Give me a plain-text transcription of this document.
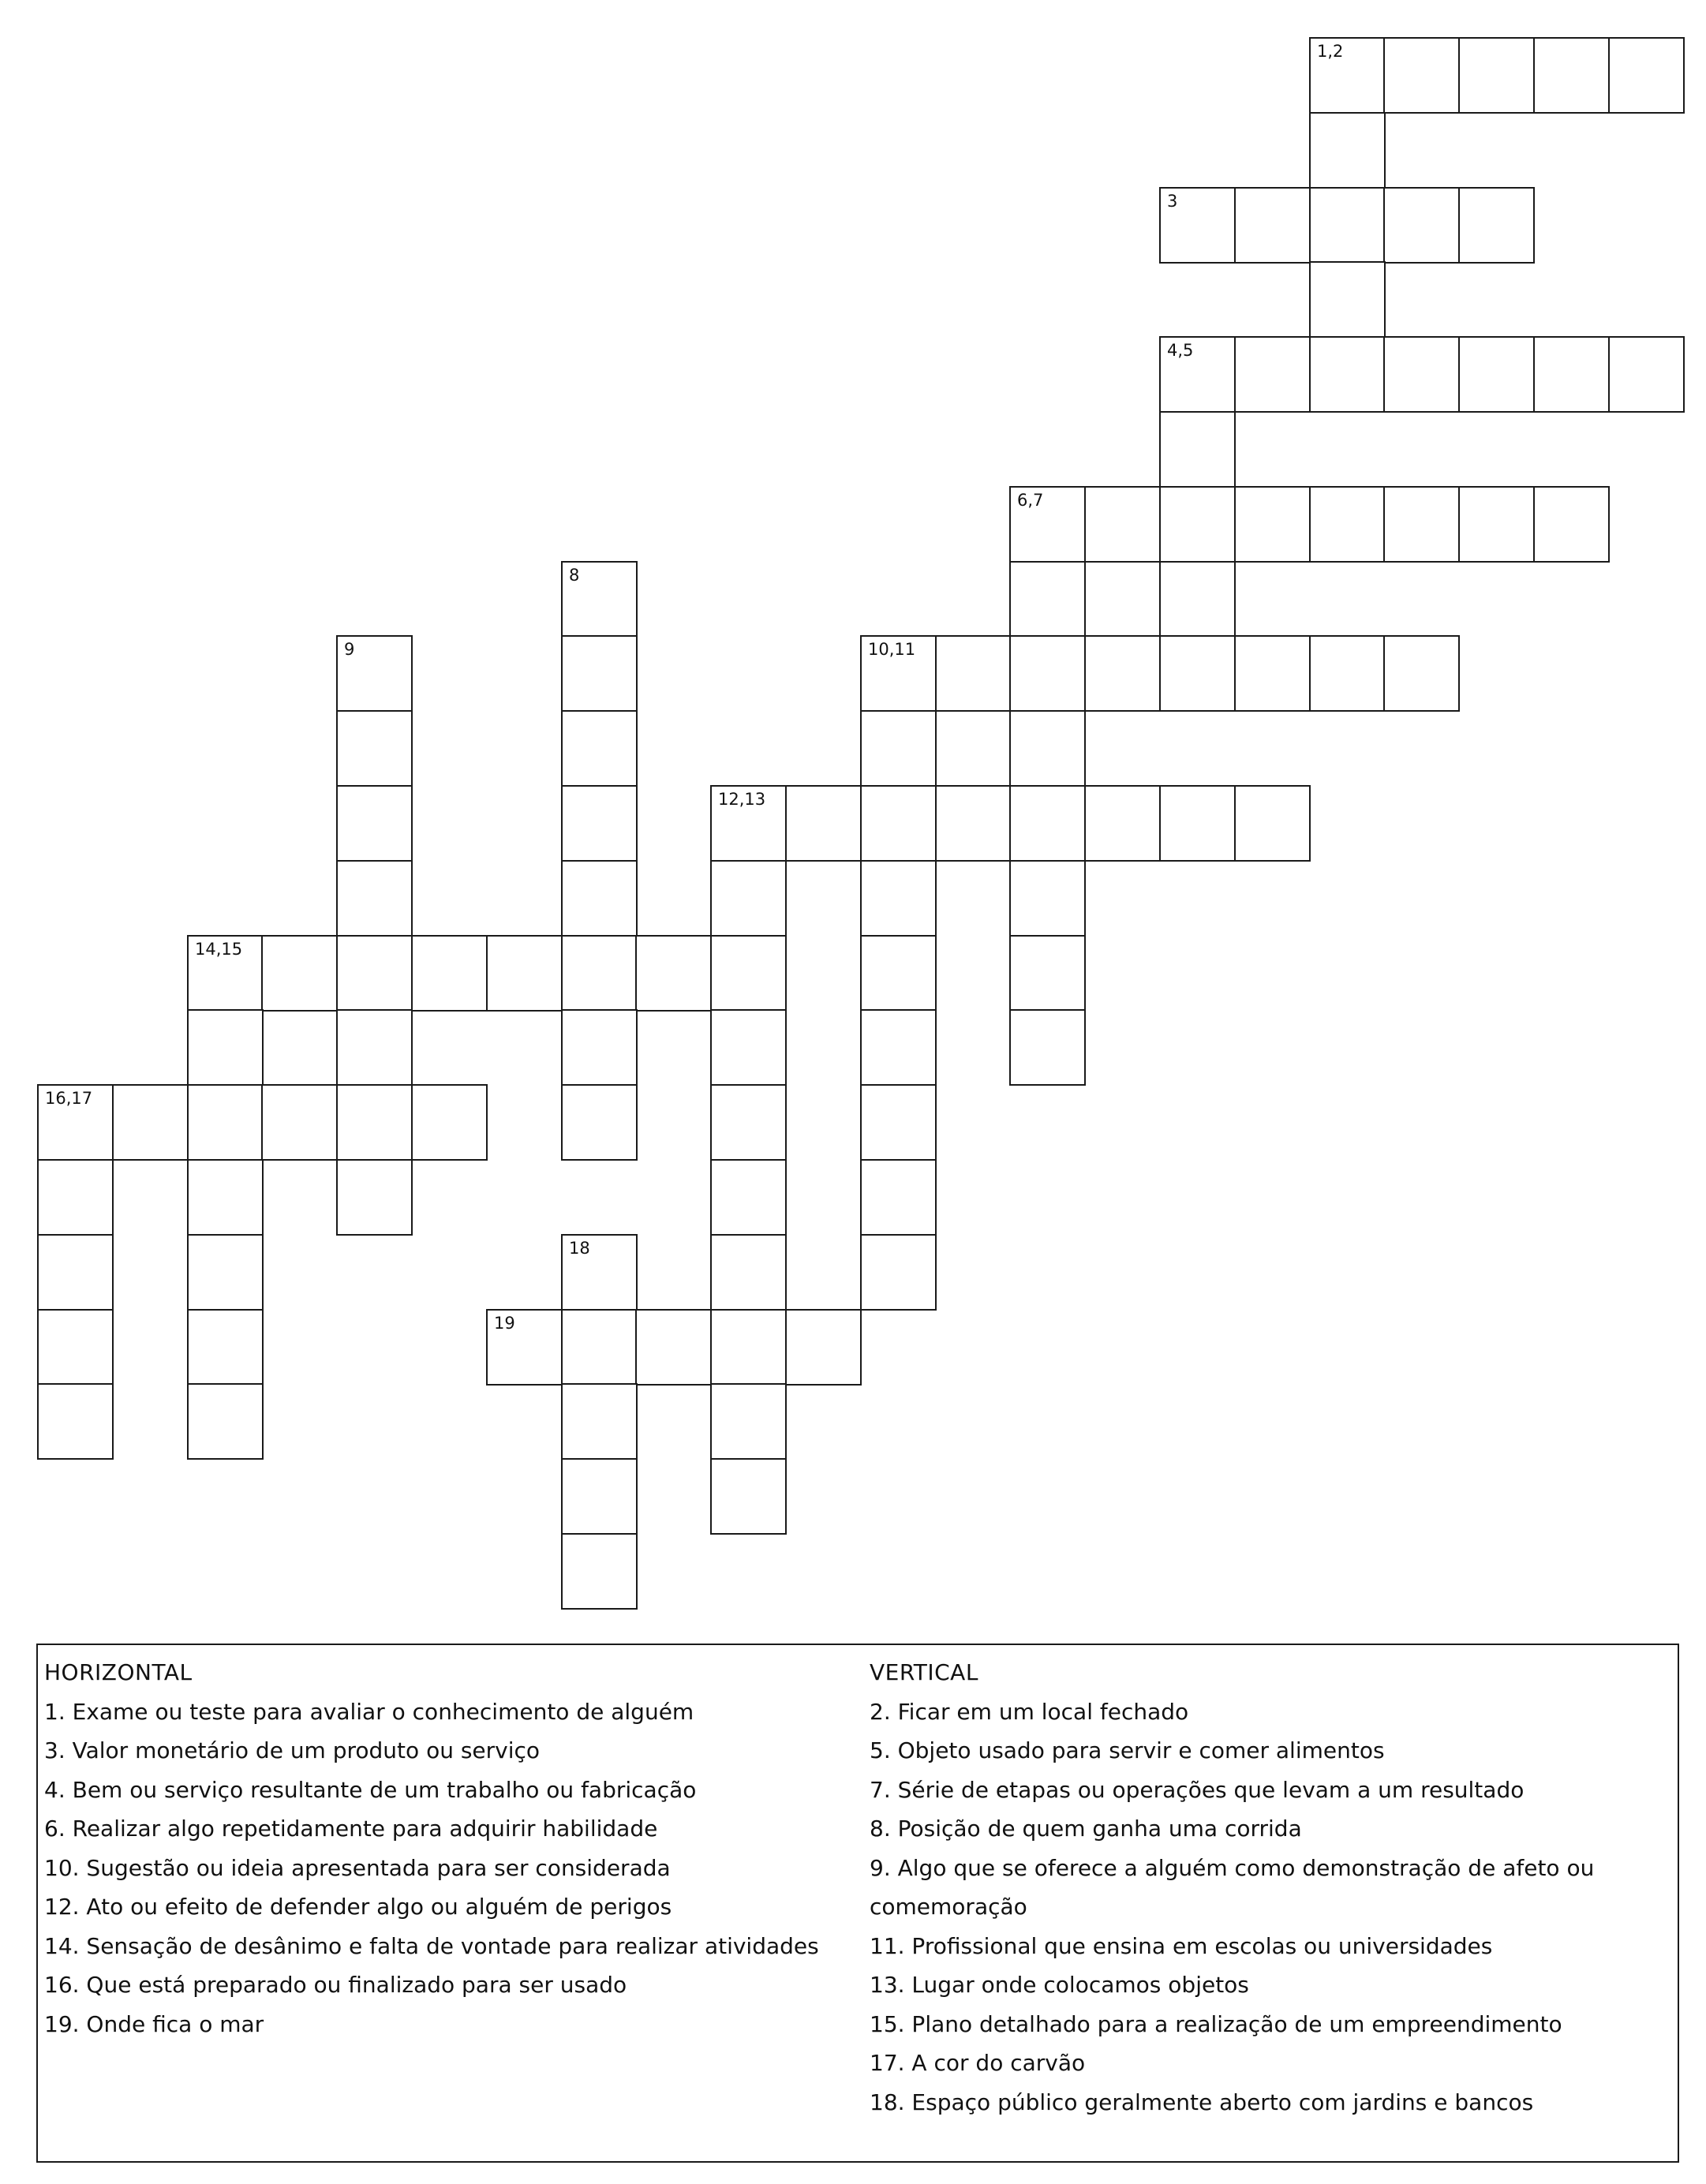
1,2
3
4,5
6,7
8
9	10,11
12,13
14,15
16,17
18
19

HORIZONTAL

1. Exame ou teste para avaliar o conhecimento de alguém

3. Valor monetário de um produto ou serviço

4. Bem ou serviço resultante de um trabalho ou fabricação

6. Realizar algo repetidamente para adquirir habilidade

10. Sugestão ou ideia apresentada para ser considerada

12. Ato ou efeito de defender algo ou alguém de perigos

14. Sensação de desânimo e falta de vontade para realizar atividades

16. Que está preparado ou finalizado para ser usado

19. Onde fica o mar

VERTICAL

2. Ficar em um local fechado

5. Objeto usado para servir e comer alimentos

7. Série de etapas ou operações que levam a um resultado

8. Posição de quem ganha uma corrida

9. Algo que se oferece a alguém como demonstração de afeto ou comemoração

11. Profissional que ensina em escolas ou universidades

13. Lugar onde colocamos objetos

15. Plano detalhado para a realização de um empreendimento

17. A cor do carvão

18. Espaço público geralmente aberto com jardins e bancos
